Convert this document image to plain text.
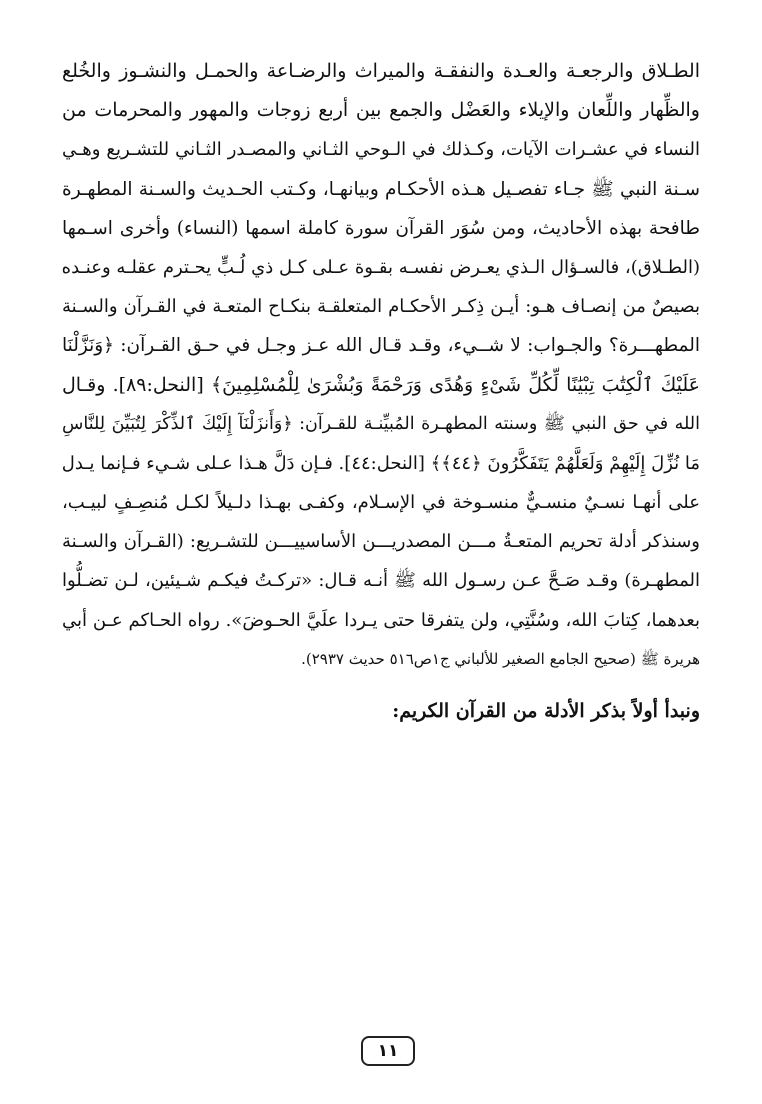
الطـلاق والرجعـة والعـدة والنفقـة والميراث والرضـاعة والحمـل والنشـوز والخُلع
والظِّهار واللِّعان والإيلاء والعَضْل والجمع بين أربع زوجات والمهور والمحرمات من
النساء في عشـرات الآيات، وكـذلك في الـوحي الثـاني والمصـدر الثـاني للتشـريع وهـي
سـنة النبي ﷺ جـاء تفصـيل هـذه الأحكـام وبيانهـا، وكـتب الحـديث والسـنة المطهـرة
طافحة بهذه الأحاديث، ومن سُوَر القرآن سورة كاملة اسمها (النساء) وأخرى اسـمها
(الطـلاق)، فالسـؤال الـذي يعـرض نفسـه بقـوة عـلى كـل ذي لُـبٍّ يحـترم عقلـه وعنـده
بصيصٌ من إنصـاف هـو: أيـن ذِكـر الأحكـام المتعلقـة بنكـاح المتعـة في القـرآن والسـنة
المطهـــرة؟ والجـواب: لا شــيء، وقـد قـال الله عـز وجـل في حـق القـرآن: ﴿وَنَزَّلْنَا
عَلَيْكَ ٱلْكِتَٰبَ تِبْيَٰنًا لِّكُلِّ شَىْءٍ وَهُدًى وَرَحْمَةً وَبُشْرَىٰ لِلْمُسْلِمِينَ﴾ [النحل:٨٩]. وقـال
الله في حق النبي ﷺ وسنته المطهـرة المُبيِّنـة للقـرآن: ﴿وَأَنزَلْنَآ إِلَيْكَ ٱلذِّكْرَ لِتُبَيِّنَ لِلنَّاسِ
مَا نُزِّلَ إِلَيْهِمْ وَلَعَلَّهُمْ يَتَفَكَّرُونَ ﴿٤٤﴾﴾ [النحل:٤٤]. فـإن دَلَّ هـذا عـلى شـيء فـإنما يـدل
على أنهـا نسـيٌ منسـيٌّ منسـوخة في الإسـلام، وكفـى بهـذا دلـيلاً لكـل مُنصِـفٍ لبيـب،
وسنذكر أدلة تحريم المتعـةُ مـــن المصدريـــن الأساسييـــن للتشـريع: (القـرآن والسـنة
المطهـرة) وقـد صَـحَّ عـن رسـول الله ﷺ أنـه قـال: «تركـتُ فيكـم شـيئين، لـن تضـلُّوا
بعدهما، كِتابَ الله، وسُنَّتِي، ولن يتفرقا حتى يـردا علَيَّ الحـوضَ». رواه الحـاكم عـن أبي
هريرة ﷺ (صحيح الجامع الصغير للألباني ج١ص٥١٦ حديث ٢٩٣٧).
ونبدأ أولاً بذكر الأدلة من القرآن الكريم:
١١
